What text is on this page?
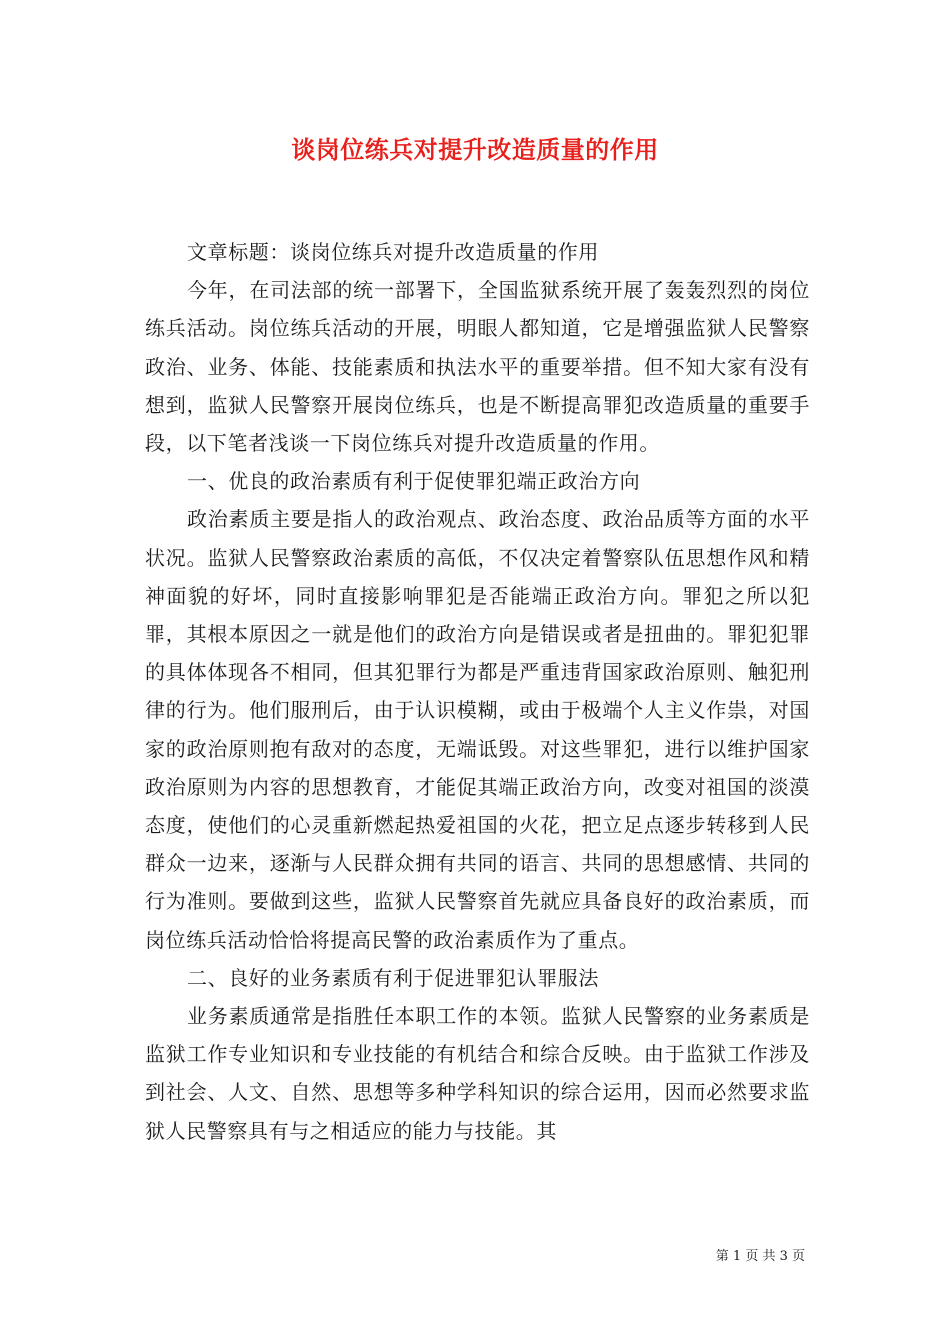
谈岗位练兵对提升改造质量的作用

文章标题：谈岗位练兵对提升改造质量的作用

今年，在司法部的统一部署下，全国监狱系统开展了轰轰烈烈的岗位练兵活动。岗位练兵活动的开展，明眼人都知道，它是增强监狱人民警察政治、业务、体能、技能素质和执法水平的重要举措。但不知大家有没有想到，监狱人民警察开展岗位练兵，也是不断提高罪犯改造质量的重要手段，以下笔者浅谈一下岗位练兵对提升改造质量的作用。

一、优良的政治素质有利于促使罪犯端正政治方向

政治素质主要是指人的政治观点、政治态度、政治品质等方面的水平状况。监狱人民警察政治素质的高低，不仅决定着警察队伍思想作风和精神面貌的好坏，同时直接影响罪犯是否能端正政治方向。罪犯之所以犯罪，其根本原因之一就是他们的政治方向是错误或者是扭曲的。罪犯犯罪的具体体现各不相同，但其犯罪行为都是严重违背国家政治原则、触犯刑律的行为。他们服刑后，由于认识模糊，或由于极端个人主义作祟，对国家的政治原则抱有敌对的态度，无端诋毁。对这些罪犯，进行以维护国家政治原则为内容的思想教育，才能促其端正政治方向，改变对祖国的淡漠态度，使他们的心灵重新燃起热爱祖国的火花，把立足点逐步转移到人民群众一边来，逐渐与人民群众拥有共同的语言、共同的思想感情、共同的行为准则。要做到这些，监狱人民警察首先就应具备良好的政治素质，而岗位练兵活动恰恰将提高民警的政治素质作为了重点。

二、良好的业务素质有利于促进罪犯认罪服法

业务素质通常是指胜任本职工作的本领。监狱人民警察的业务素质是监狱工作专业知识和专业技能的有机结合和综合反映。由于监狱工作涉及到社会、人文、自然、思想等多种学科知识的综合运用，因而必然要求监狱人民警察具有与之相适应的能力与技能。其

第 1 页 共 3 页
